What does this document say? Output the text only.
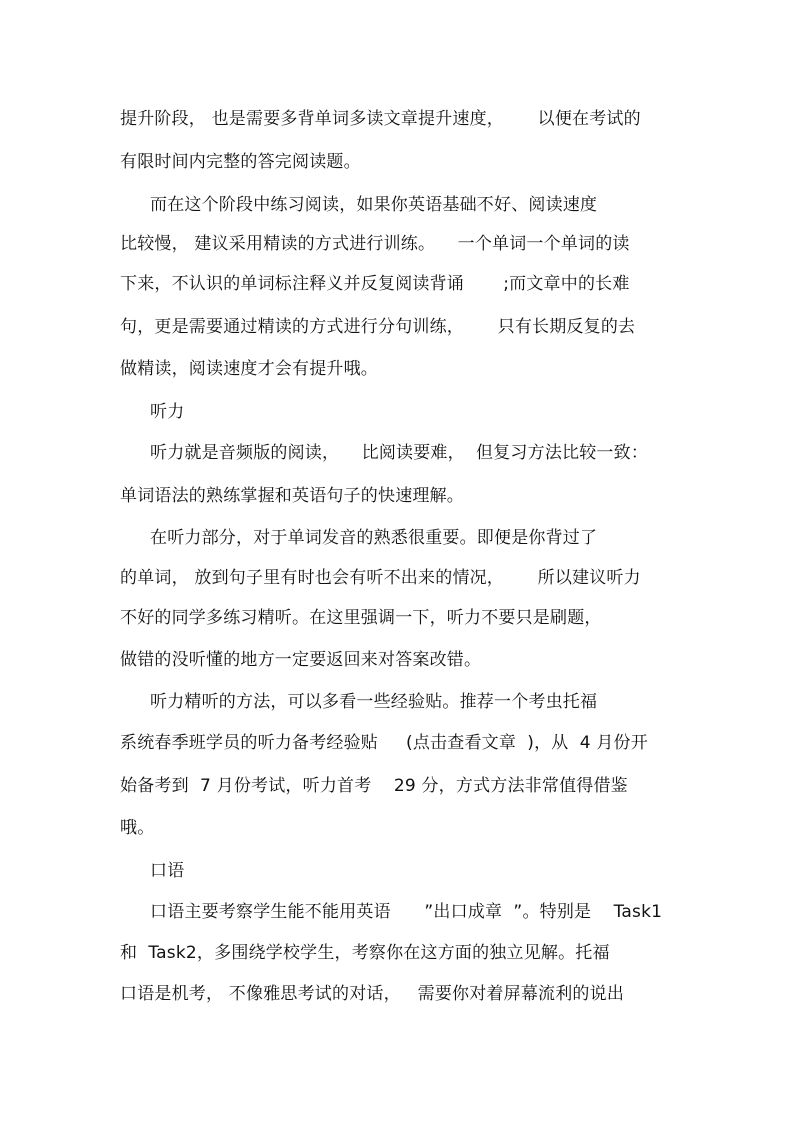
提升阶段， 也是需要多背单词多读文章提升速度，      以便在考试的
有限时间内完整的答完阅读题。
而在这个阶段中练习阅读，如果你英语基础不好、阅读速度
比较慢， 建议采用精读的方式进行训练。    一个单词一个单词的读
下来，不认识的单词标注释义并反复阅读背诵       ;而文章中的长难
句，更是需要通过精读的方式进行分句训练，      只有长期反复的去
做精读，阅读速度才会有提升哦。
听力
听力就是音频版的阅读，    比阅读要难，  但复习方法比较一致：
单词语法的熟练掌握和英语句子的快速理解。
在听力部分，对于单词发音的熟悉很重要。即便是你背过了
的单词， 放到句子里有时也会有听不出来的情况，      所以建议听力
不好的同学多练习精听。在这里强调一下，听力不要只是刷题，
做错的没听懂的地方一定要返回来对答案改错。
听力精听的方法，可以多看一些经验贴。推荐一个考虫托福
系统春季班学员的听力备考经验贴     (点击查看文章  )，从  4 月份开
始备考到  7 月份考试，听力首考    29 分，方式方法非常值得借鉴
哦。
口语
口语主要考察学生能不能用英语      ”出口成章  ”。特别是    Task1
和  Task2，多围绕学校学生，考察你在这方面的独立见解。托福
口语是机考， 不像雅思考试的对话，   需要你对着屏幕流利的说出
